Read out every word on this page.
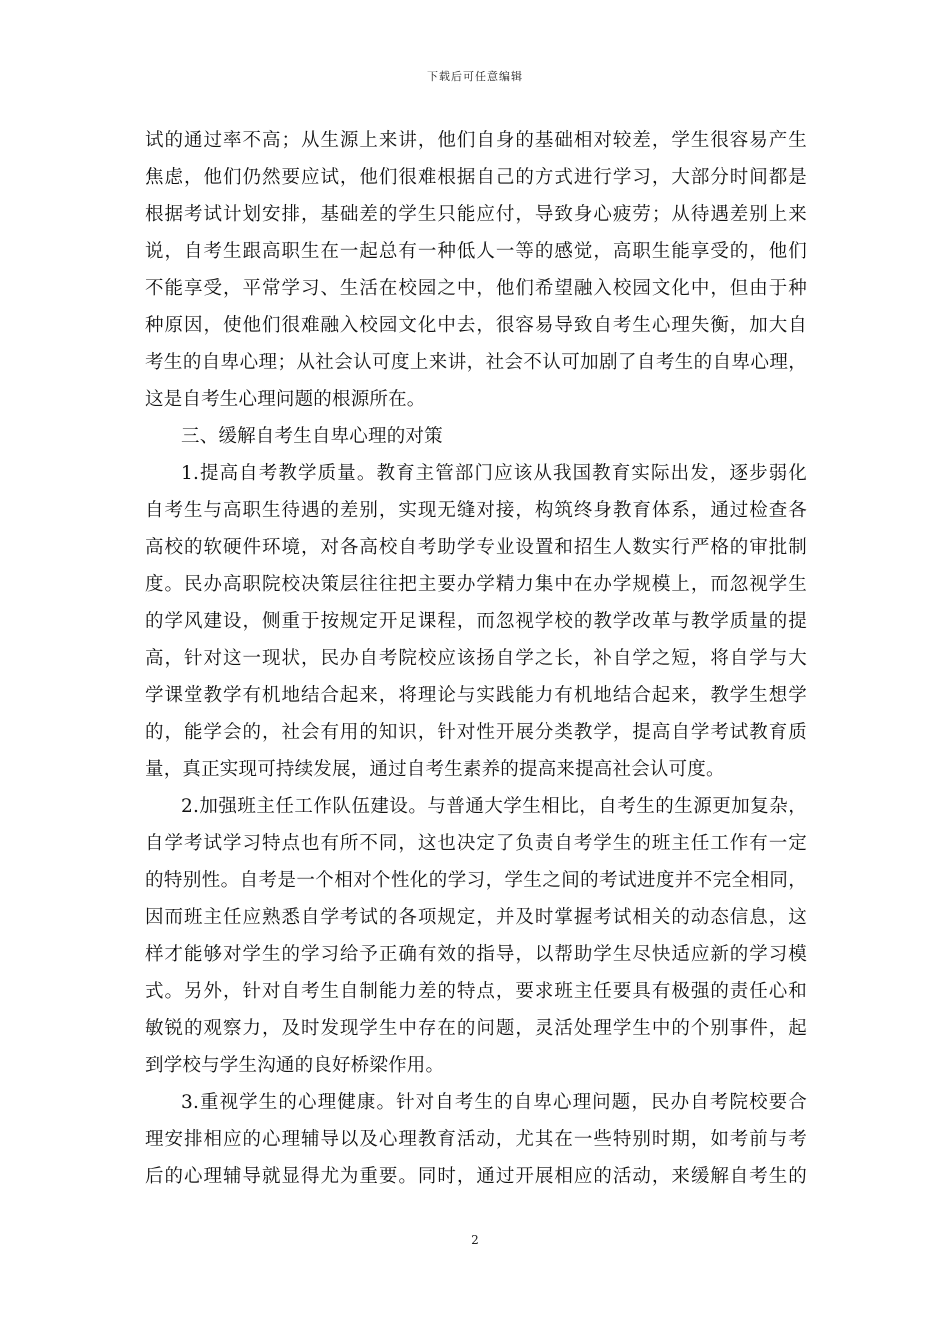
下载后可任意编辑
试的通过率不高；从生源上来讲，他们自身的基础相对较差，学生很容易产生
焦虑，他们仍然要应试，他们很难根据自己的方式进行学习，大部分时间都是
根据考试计划安排，基础差的学生只能应付，导致身心疲劳；从待遇差别上来
说，自考生跟高职生在一起总有一种低人一等的感觉，高职生能享受的，他们
不能享受，平常学习、生活在校园之中，他们希望融入校园文化中，但由于种
种原因，使他们很难融入校园文化中去，很容易导致自考生心理失衡，加大自
考生的自卑心理；从社会认可度上来讲，社会不认可加剧了自考生的自卑心理，
这是自考生心理问题的根源所在。
三、缓解自考生自卑心理的对策
1.提高自考教学质量。教育主管部门应该从我国教育实际出发，逐步弱化
自考生与高职生待遇的差别，实现无缝对接，构筑终身教育体系，通过检查各
高校的软硬件环境，对各高校自考助学专业设置和招生人数实行严格的审批制
度。民办高职院校决策层往往把主要办学精力集中在办学规模上，而忽视学生
的学风建设，侧重于按规定开足课程，而忽视学校的教学改革与教学质量的提
高，针对这一现状，民办自考院校应该扬自学之长，补自学之短，将自学与大
学课堂教学有机地结合起来，将理论与实践能力有机地结合起来，教学生想学
的，能学会的，社会有用的知识，针对性开展分类教学，提高自学考试教育质
量，真正实现可持续发展，通过自考生素养的提高来提高社会认可度。
2.加强班主任工作队伍建设。与普通大学生相比，自考生的生源更加复杂，
自学考试学习特点也有所不同，这也决定了负责自考学生的班主任工作有一定
的特别性。自考是一个相对个性化的学习，学生之间的考试进度并不完全相同，
因而班主任应熟悉自学考试的各项规定，并及时掌握考试相关的动态信息，这
样才能够对学生的学习给予正确有效的指导，以帮助学生尽快适应新的学习模
式。另外，针对自考生自制能力差的特点，要求班主任要具有极强的责任心和
敏锐的观察力，及时发现学生中存在的问题，灵活处理学生中的个别事件，起
到学校与学生沟通的良好桥梁作用。
3.重视学生的心理健康。针对自考生的自卑心理问题，民办自考院校要合
理安排相应的心理辅导以及心理教育活动，尤其在一些特别时期，如考前与考
后的心理辅导就显得尤为重要。同时，通过开展相应的活动，来缓解自考生的
2
